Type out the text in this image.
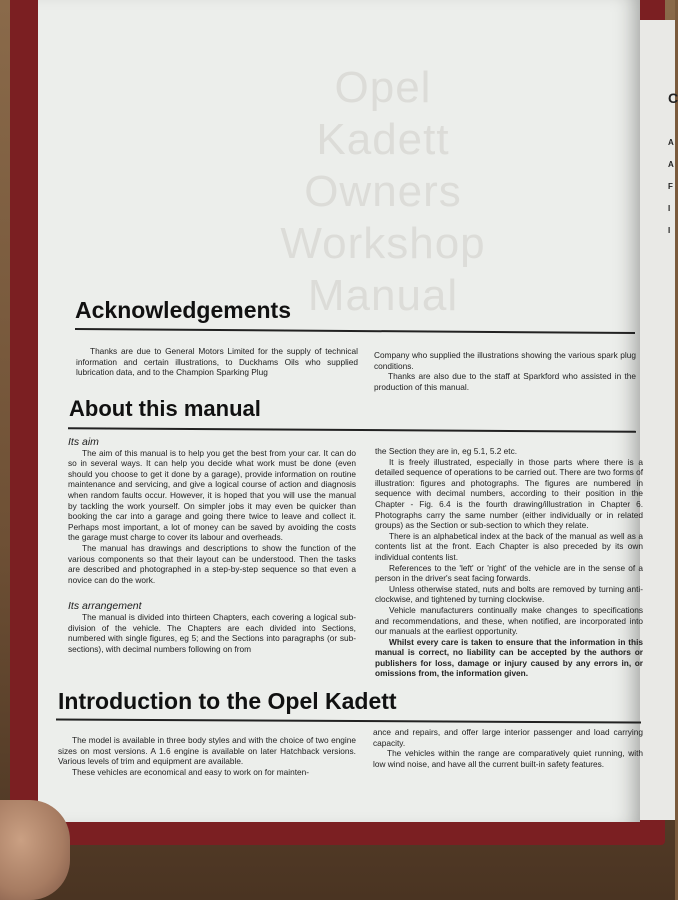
C
A
A
F
I
I
Opel
Kadett
Owners
Workshop
Manual
Acknowledgements

Thanks are due to General Motors Limited for the supply of technical information and certain illustrations, to Duckhams Oils who supplied lubrication data, and to the Champion Sparking Plug

Company who supplied the illustrations showing the various spark plug conditions.

Thanks are also due to the staff at Sparkford who assisted in the production of this manual.

About this manual

Its aim

The aim of this manual is to help you get the best from your car. It can do so in several ways. It can help you decide what work must be done (even should you choose to get it done by a garage), provide information on routine maintenance and servicing, and give a logical course of action and diagnosis when random faults occur. However, it is hoped that you will use the manual by tackling the work yourself. On simpler jobs it may even be quicker than booking the car into a garage and going there twice to leave and collect it. Perhaps most important, a lot of money can be saved by avoiding the costs the garage must charge to cover its labour and overheads.

The manual has drawings and descriptions to show the function of the various components so that their layout can be understood. Then the tasks are described and photographed in a step-by-step sequence so that even a novice can do the work.

Its arrangement

The manual is divided into thirteen Chapters, each covering a logical sub-division of the vehicle. The Chapters are each divided into Sections, numbered with single figures, eg 5; and the Sections into paragraphs (or sub-sections), with decimal numbers following on from

the Section they are in, eg 5.1, 5.2 etc.

It is freely illustrated, especially in those parts where there is a detailed sequence of operations to be carried out. There are two forms of illustration: figures and photographs. The figures are numbered in sequence with decimal numbers, according to their position in the Chapter - Fig. 6.4 is the fourth drawing/illustration in Chapter 6. Photographs carry the same number (either individually or in related groups) as the Section or sub-section to which they relate.

There is an alphabetical index at the back of the manual as well as a contents list at the front. Each Chapter is also preceded by its own individual contents list.

References to the 'left' or 'right' of the vehicle are in the sense of a person in the driver's seat facing forwards.

Unless otherwise stated, nuts and bolts are removed by turning anti-clockwise, and tightened by turning clockwise.

Vehicle manufacturers continually make changes to specifications and recommendations, and these, when notified, are incorporated into our manuals at the earliest opportunity.

Whilst every care is taken to ensure that the information in this manual is correct, no liability can be accepted by the authors or publishers for loss, damage or injury caused by any errors in, or omissions from, the information given.

Introduction to the Opel Kadett

The model is available in three body styles and with the choice of two engine sizes on most versions. A 1.6 engine is available on later Hatchback versions. Various levels of trim and equipment are available.

These vehicles are economical and easy to work on for mainten-

ance and repairs, and offer large interior passenger and load carrying capacity.

The vehicles within the range are comparatively quiet running, with low wind noise, and have all the current built-in safety features.
